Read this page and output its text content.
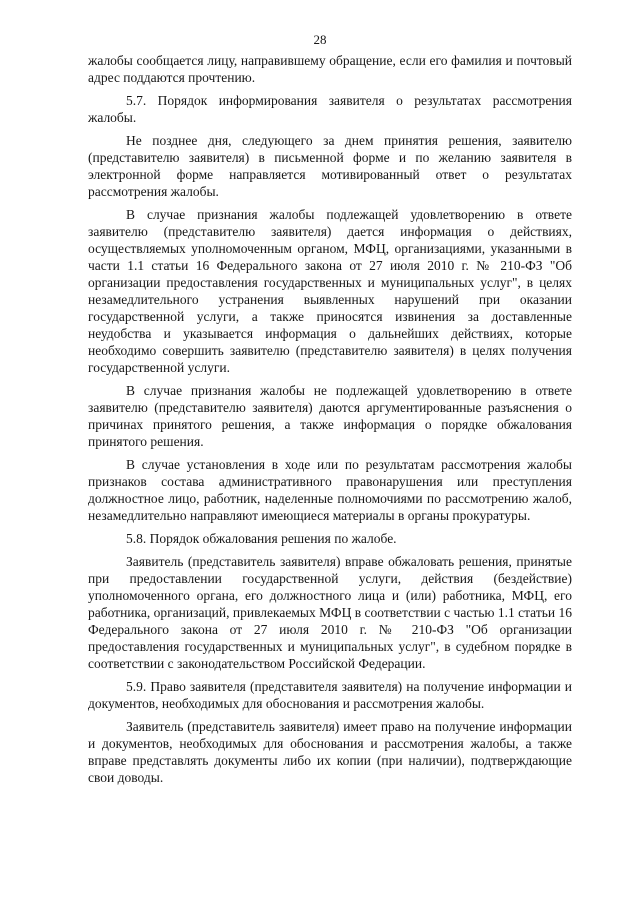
28

жалобы сообщается лицу, направившему обращение, если его фамилия и почтовый адрес поддаются прочтению.

5.7. Порядок информирования заявителя о результатах рассмотрения жалобы.

Не позднее дня, следующего за днем принятия решения, заявителю (представителю заявителя) в письменной форме и по желанию заявителя в электронной форме направляется мотивированный ответ о результатах рассмотрения жалобы.

В случае признания жалобы подлежащей удовлетворению в ответе заявителю (представителю заявителя) дается информация о действиях, осуществляемых уполномоченным органом, МФЦ, организациями, указанными в части 1.1 статьи 16 Федерального закона от 27 июля 2010 г. № 210-ФЗ "Об организации предоставления государственных и муниципальных услуг", в целях незамедлительного устранения выявленных нарушений при оказании государственной услуги, а также приносятся извинения за доставленные неудобства и указывается информация о дальнейших действиях, которые необходимо совершить заявителю (представителю заявителя) в целях получения государственной услуги.

В случае признания жалобы не подлежащей удовлетворению в ответе заявителю (представителю заявителя) даются аргументированные разъяснения о причинах принятого решения, а также информация о порядке обжалования принятого решения.

В случае установления в ходе или по результатам рассмотрения жалобы признаков состава административного правонарушения или преступления должностное лицо, работник, наделенные полномочиями по рассмотрению жалоб, незамедлительно направляют имеющиеся материалы в органы прокуратуры.

5.8. Порядок обжалования решения по жалобе.

Заявитель (представитель заявителя) вправе обжаловать решения, принятые при предоставлении государственной услуги, действия (бездействие) уполномоченного органа, его должностного лица и (или) работника, МФЦ, его работника, организаций, привлекаемых МФЦ в соответствии с частью 1.1 статьи 16 Федерального закона от 27 июля 2010 г. № 210-ФЗ "Об организации предоставления государственных и муниципальных услуг", в судебном порядке в соответствии с законодательством Российской Федерации.

5.9. Право заявителя (представителя заявителя) на получение информации и документов, необходимых для обоснования и рассмотрения жалобы.

Заявитель (представитель заявителя) имеет право на получение информации и документов, необходимых для обоснования и рассмотрения жалобы, а также вправе представлять документы либо их копии (при наличии), подтверждающие свои доводы.
